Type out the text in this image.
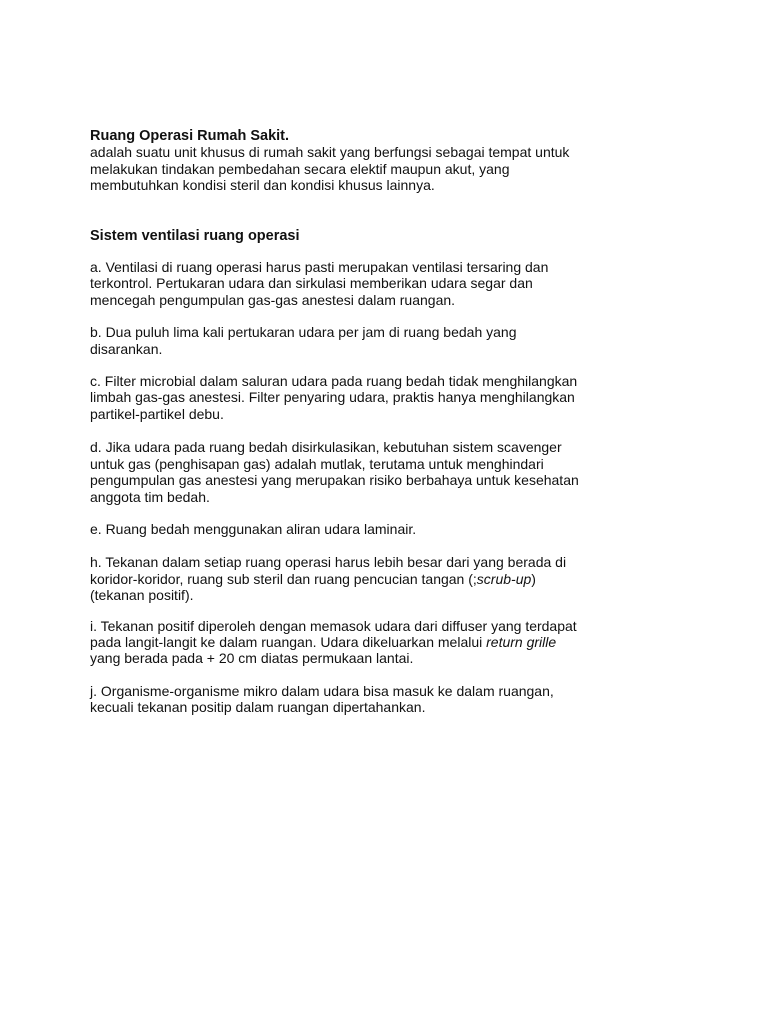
Ruang Operasi Rumah Sakit.

adalah suatu unit khusus di rumah sakit yang berfungsi sebagai tempat untuk melakukan tindakan pembedahan secara elektif maupun akut, yang membutuhkan kondisi steril dan kondisi khusus lainnya.

Sistem ventilasi ruang operasi

a. Ventilasi di ruang operasi harus pasti merupakan ventilasi tersaring dan terkontrol. Pertukaran udara dan sirkulasi memberikan udara segar dan mencegah pengumpulan gas-gas anestesi dalam ruangan.

b. Dua puluh lima kali pertukaran udara per jam di ruang bedah yang disarankan.

c. Filter microbial dalam saluran udara pada ruang bedah tidak menghilangkan limbah gas-gas anestesi. Filter penyaring udara, praktis hanya menghilangkan partikel-partikel debu.

d. Jika udara pada ruang bedah disirkulasikan, kebutuhan sistem scavenger untuk gas (penghisapan gas) adalah mutlak, terutama untuk menghindari pengumpulan gas anestesi yang merupakan risiko berbahaya untuk kesehatan anggota tim bedah.

e. Ruang bedah menggunakan aliran udara laminair.

h. Tekanan dalam setiap ruang operasi harus lebih besar dari yang berada di koridor-koridor, ruang sub steril dan ruang pencucian tangan (;scrub-up) (tekanan positif).

i. Tekanan positif diperoleh dengan memasok udara dari diffuser yang terdapat pada langit-langit ke dalam ruangan. Udara dikeluarkan melalui return grille yang berada pada + 20 cm diatas permukaan lantai.

j. Organisme-organisme mikro dalam udara bisa masuk ke dalam ruangan, kecuali tekanan positip dalam ruangan dipertahankan.
